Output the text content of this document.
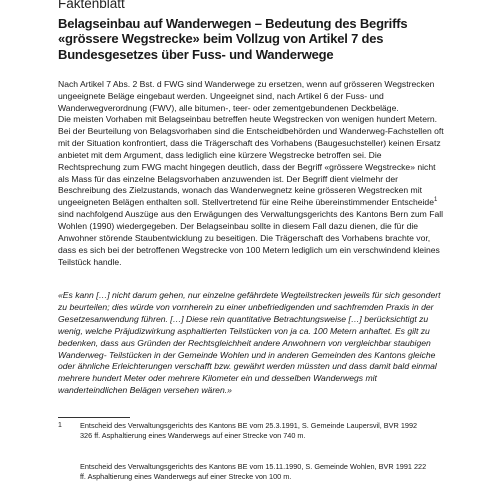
Faktenblatt
Belagseinbau auf Wanderwegen – Bedeutung des Begriffs «grössere Wegstrecke» beim Vollzug von Artikel 7 des Bundesgesetzes über Fuss- und Wanderwege

Nach Artikel 7 Abs. 2 Bst. d FWG sind Wanderwege zu ersetzen, wenn auf grösseren Wegstrecken ungeeignete Beläge eingebaut werden. Ungeeignet sind, nach Artikel 6 der Fuss- und Wanderwegverordnung (FWV), alle bitumen-, teer- oder zementgebundenen Deckbeläge.

Die meisten Vorhaben mit Belagseinbau betreffen heute Wegstrecken von wenigen hundert Metern. Bei der Beurteilung von Belagsvorhaben sind die Entscheidbehörden und Wanderweg-Fachstellen oft mit der Situation konfrontiert, dass die Trägerschaft des Vorhabens (Baugesuchsteller) keinen Ersatz anbietet mit dem Argument, dass lediglich eine kürzere Wegstrecke betroffen sei. Die Rechtsprechung zum FWG macht hingegen deutlich, dass der Begriff «grössere Wegstrecke» nicht als Mass für das einzelne Belagsvorhaben anzuwenden ist. Der Begriff dient vielmehr der Beschreibung des Zielzustands, wonach das Wanderwegnetz keine grösseren Wegstrecken mit ungeeigneten Belägen enthalten soll. Stellvertretend für eine Reihe übereinstimmender Entscheide$^1$ sind nachfolgend Auszüge aus den Erwägungen des Verwaltungsgerichts des Kantons Bern zum Fall Wohlen (1990) wiedergegeben. Der Belagseinbau sollte in diesem Fall dazu dienen, die für die Anwohner störende Staubentwicklung zu beseitigen. Die Trägerschaft des Vorhabens brachte vor, dass es sich bei der betroffenen Wegstrecke von 100 Metern lediglich um ein verschwindend kleines Teilstück handle.

«Es kann […] nicht darum gehen, nur einzelne gefährdete Wegteilstrecken jeweils für sich gesondert zu beurteilen; dies würde von vornherein zu einer unbefriedigenden und sachfremden Praxis in der Gesetzesanwendung führen. […] Diese rein quantitative Betrachtungsweise […] berücksichtigt zu wenig, welche Präjudizwirkung asphaltierten Teilstücken von ja ca. 100 Metern anhaftet. Es gilt zu bedenken, dass aus Gründen der Rechtsgleichheit andere Anwohnern von vergleichbar staubigen Wanderweg- Teilstücken in der Gemeinde Wohlen und in anderen Gemeinden des Kantons gleiche oder ähnliche Erleichterungen verschafft bzw. gewährt werden müssten und dass damit bald einmal mehrere hundert Meter oder mehrere Kilometer ein und desselben Wanderwegs mit wanderteindlichen Belägen versehen wären.»

1 Entscheid des Verwaltungsgerichts des Kantons BE vom 25.3.1991, S. Gemeinde Laupersvil, BVR 1992
326 ff. Asphaltierung eines Wanderwegs auf einer Strecke von 740 m.
Entscheid des Verwaltungsgerichts des Kantons BE vom 15.11.1990, S. Gemeinde Wohlen, BVR 1991 222
ff. Asphaltierung eines Wanderwegs auf einer Strecke von 100 m.
